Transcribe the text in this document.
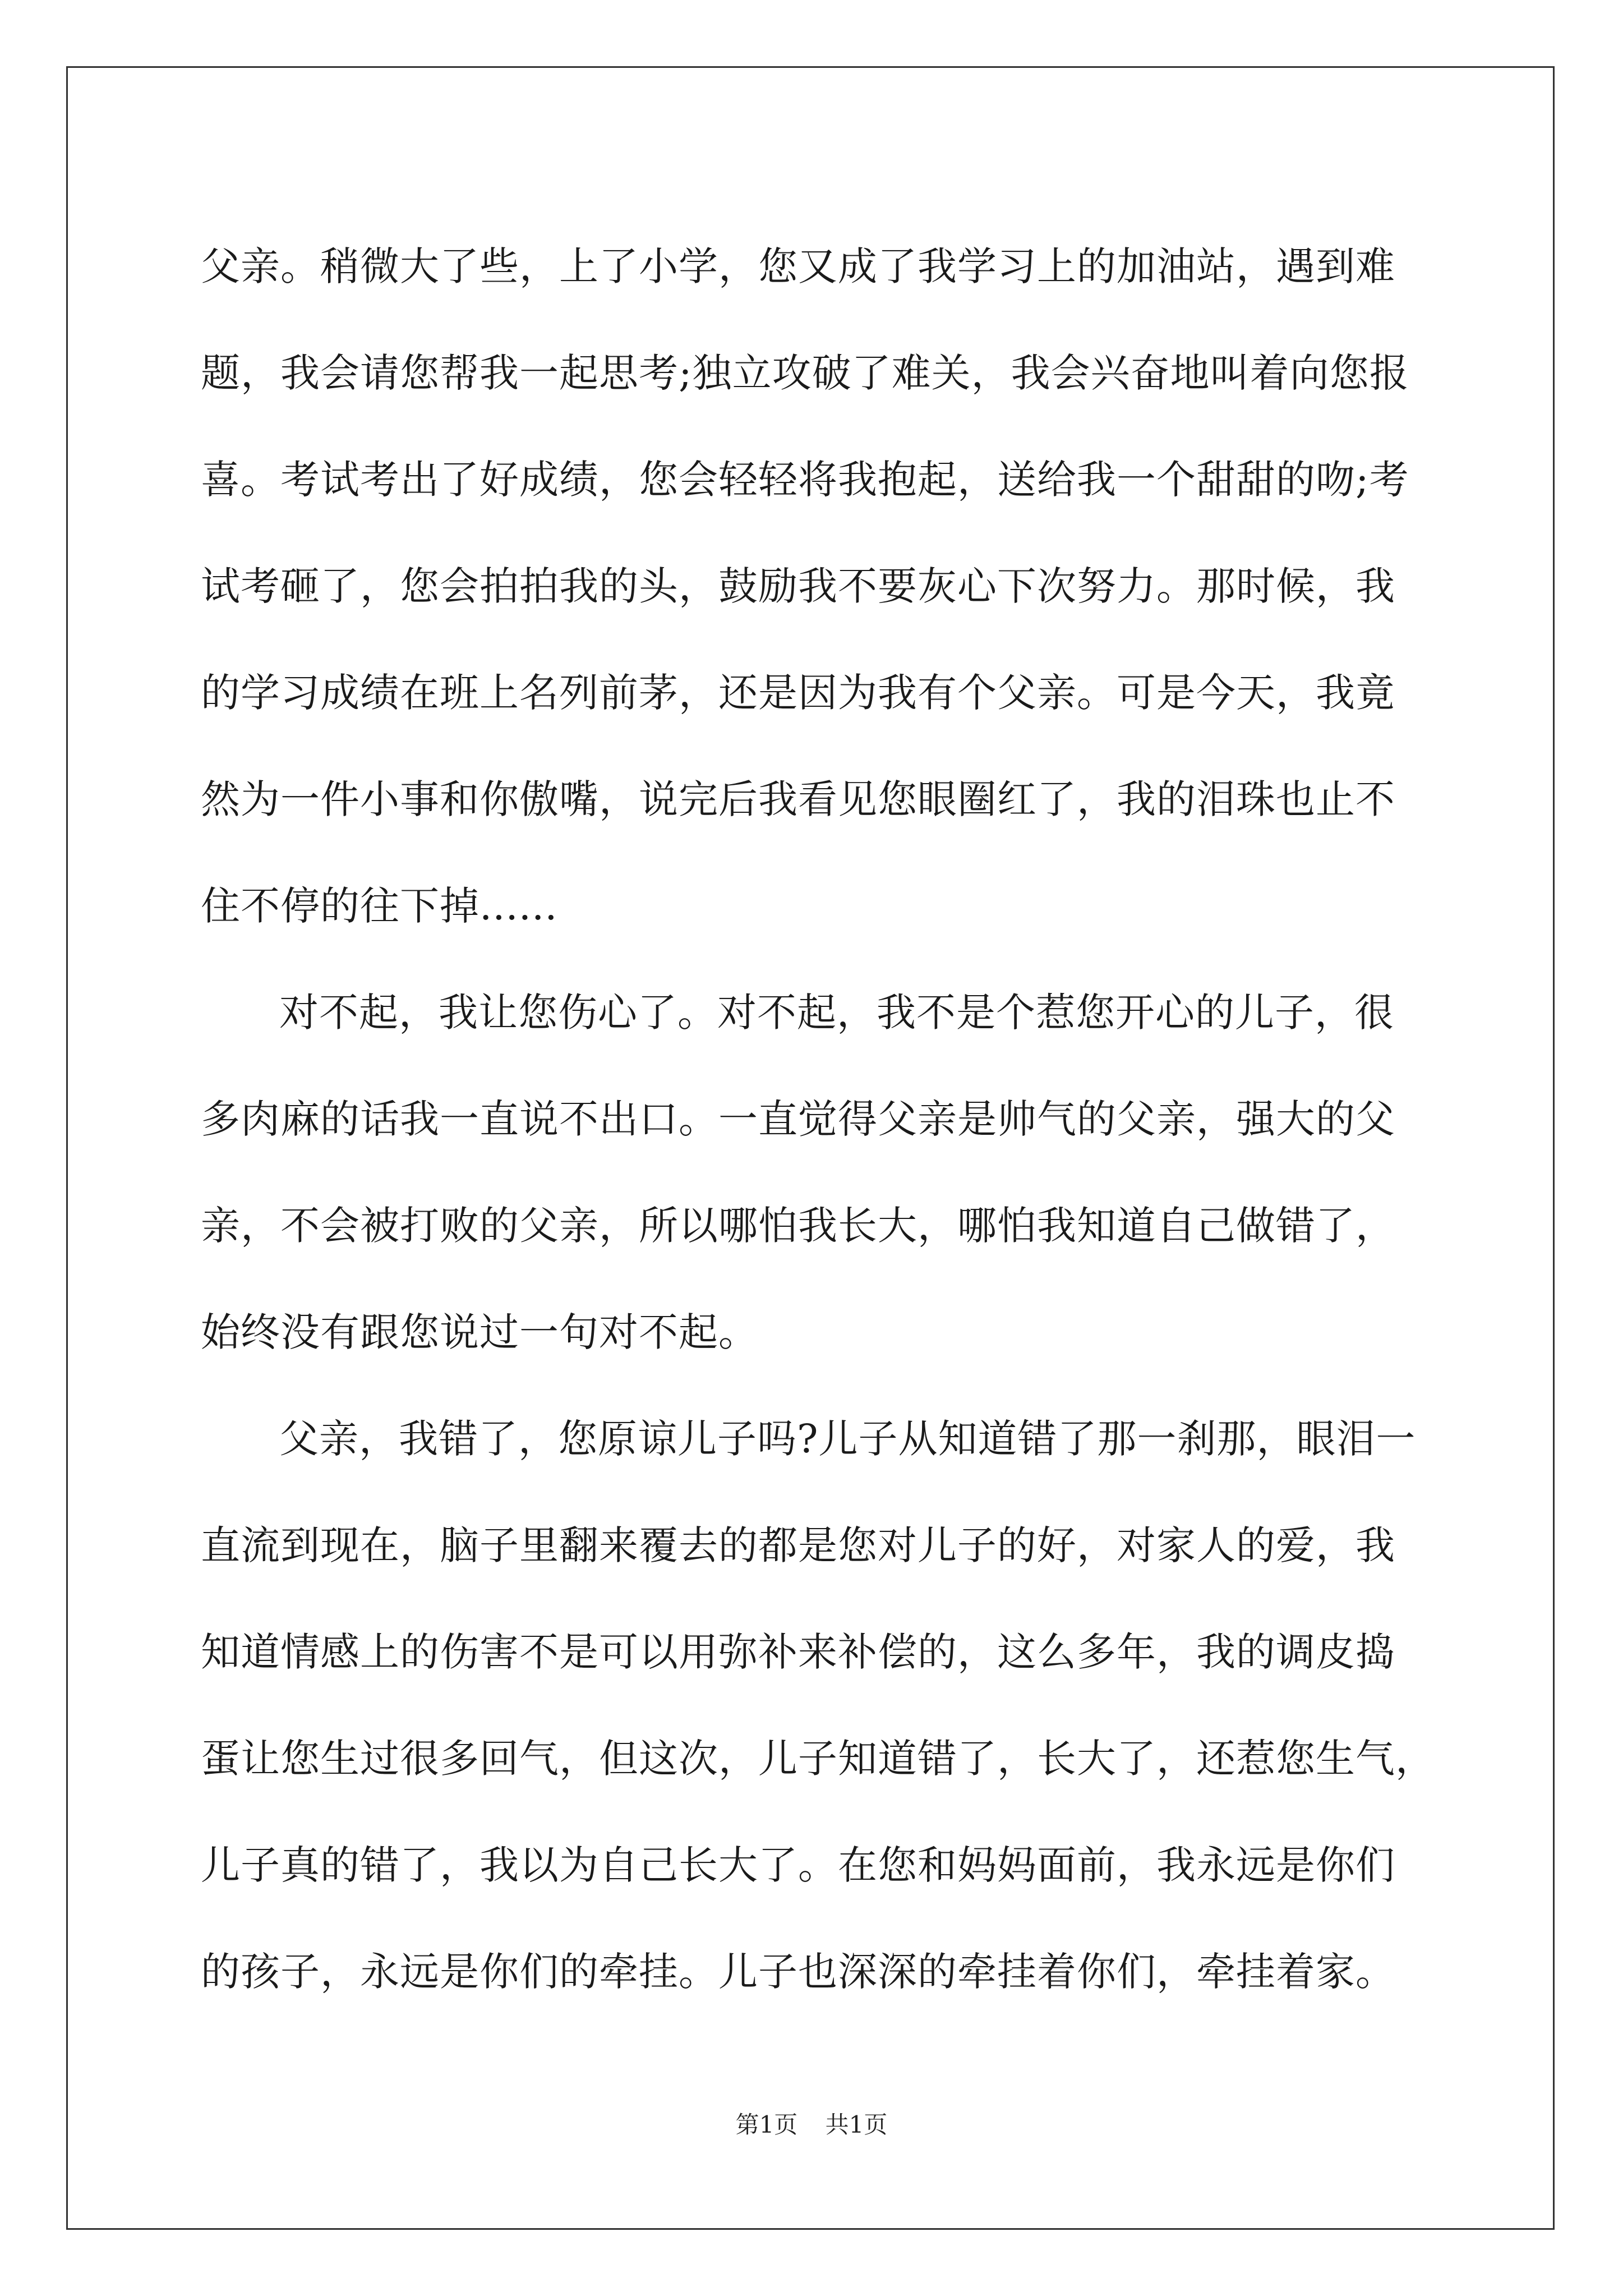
父亲。稍微大了些，上了小学，您又成了我学习上的加油站，遇到难
题，我会请您帮我一起思考;独立攻破了难关，我会兴奋地叫着向您报
喜。考试考出了好成绩，您会轻轻将我抱起，送给我一个甜甜的吻;考
试考砸了，您会拍拍我的头，鼓励我不要灰心下次努力。那时候，我
的学习成绩在班上名列前茅，还是因为我有个父亲。可是今天，我竟
然为一件小事和你傲嘴，说完后我看见您眼圈红了，我的泪珠也止不
住不停的往下掉......
对不起，我让您伤心了。对不起，我不是个惹您开心的儿子，很
多肉麻的话我一直说不出口。一直觉得父亲是帅气的父亲，强大的父
亲，不会被打败的父亲，所以哪怕我长大，哪怕我知道自己做错了，
始终没有跟您说过一句对不起。
父亲，我错了，您原谅儿子吗?儿子从知道错了那一刹那，眼泪一
直流到现在，脑子里翻来覆去的都是您对儿子的好，对家人的爱，我
知道情感上的伤害不是可以用弥补来补偿的，这么多年，我的调皮捣
蛋让您生过很多回气，但这次，儿子知道错了，长大了，还惹您生气，
儿子真的错了，我以为自己长大了。在您和妈妈面前，我永远是你们
的孩子，永远是你们的牵挂。儿子也深深的牵挂着你们，牵挂着家。
第1页 共1页
